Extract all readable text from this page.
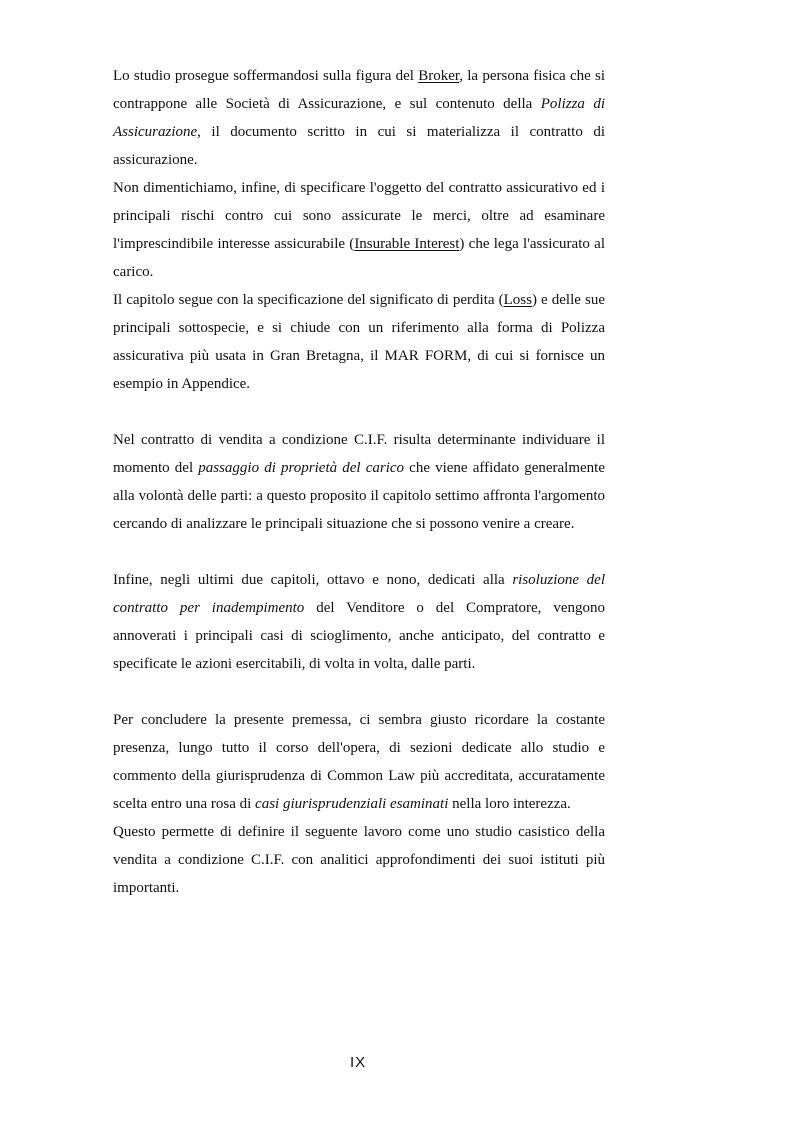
Lo studio prosegue soffermandosi sulla figura del Broker, la persona fisica che si contrappone alle Società di Assicurazione, e sul contenuto della Polizza di Assicurazione, il documento scritto in cui si materializza il contratto di assicurazione.

Non dimentichiamo, infine, di specificare l'oggetto del contratto assicurativo ed i principali rischi contro cui sono assicurate le merci, oltre ad esaminare l'imprescindibile interesse assicurabile (Insurable Interest) che lega l'assicurato al carico.

Il capitolo segue con la specificazione del significato di perdita (Loss) e delle sue principali sottospecie, e si chiude con un riferimento alla forma di Polizza assicurativa più usata in Gran Bretagna, il MAR FORM, di cui si fornisce un esempio in Appendice.

Nel contratto di vendita a condizione C.I.F. risulta determinante individuare il momento del passaggio di proprietà del carico che viene affidato generalmente alla volontà delle parti: a questo proposito il capitolo settimo affronta l'argomento cercando di analizzare le principali situazione che si possono venire a creare.

Infine, negli ultimi due capitoli, ottavo e nono, dedicati alla risoluzione del contratto per inadempimento del Venditore o del Compratore, vengono annoverati i principali casi di scioglimento, anche anticipato, del contratto e specificate le azioni esercitabili, di volta in volta, dalle parti.

Per concludere la presente premessa, ci sembra giusto ricordare la costante presenza, lungo tutto il corso dell'opera, di sezioni dedicate allo studio e commento della giurisprudenza di Common Law più accreditata, accuratamente scelta entro una rosa di casi giurisprudenziali esaminati nella loro interezza.

Questo permette di definire il seguente lavoro come uno studio casistico della vendita a condizione C.I.F. con analitici approfondimenti dei suoi istituti più importanti.

IX
